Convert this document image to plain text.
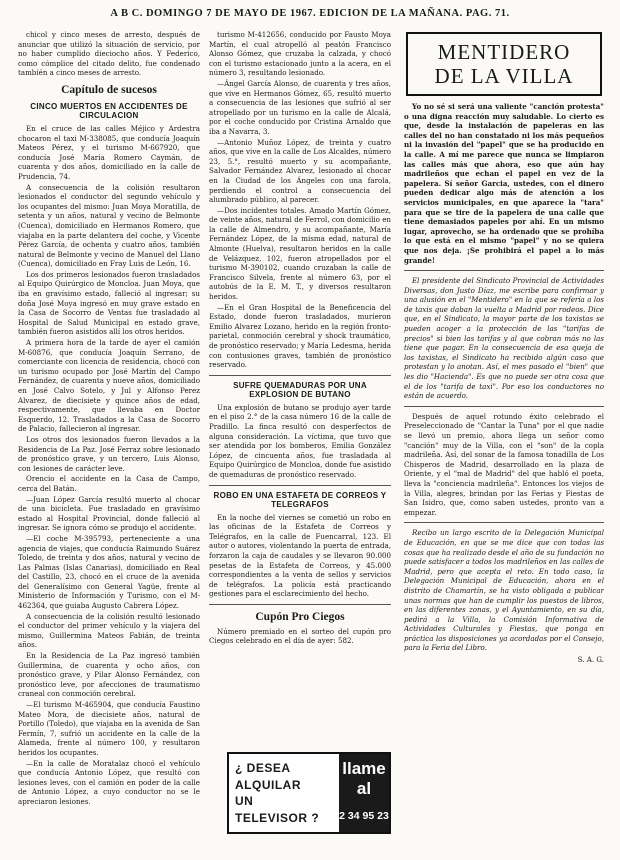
A B C. DOMINGO 7 DE MAYO DE 1967. EDICION DE LA MAÑANA. PAG. 71.

chicol y cinco meses de arresto, después de anunciar que utilizó la situación de servicio, por no haber cumplido dieciocho años. Y Federico, como cómplice del citado delito, fue condenado también a cinco meses de arresto.

Capítulo de sucesos
CINCO MUERTOS EN ACCIDENTES DE CIRCULACION

En el cruce de las calles Méjico y Ardestra chocaron el taxi M-338085, que conducía Joaquín Mateos Pérez, y el turismo M-667920, que conducía José María Romero Caymán, de cuarenta y dos años, domiciliado en la calle de Prudencia, 74.

A consecuencia de la colisión resultaron lesionados el conductor del segundo vehículo y los ocupantes del mismo: Juan Moya Moratilla, de setenta y un años, natural y vecino de Belmonte (Cuenca), domiciliado en Hermanos Romero, que viajaba en la parte delantera del coche, y Vicente Pérez García, de ochenta y cuatro años, también natural de Belmonte y vecino de Manuel del Llano (Cuenca), domiciliado en Fray Luis de León, 16.

Los dos primeros lesionados fueron trasladados al Equipo Quirúrgico de Moncloa. Juan Moya, que iba en gravísimo estado, falleció al ingresar; su doña José Moya ingresó en muy grave estado en la Casa de Socorro de Ventas fue trasladado al Hospital de Salud Municipal en estado grave, también fueron asistidos allí los otros heridos.

A primera hora de la tarde de ayer el camión M-60876, que conducía Joaquín Serrano, de comerciante con licencia de residencia, chocó con un turismo ocupado por José Martín del Campo Fernández, de cuarenta y nueve años, domiciliado en José Calvo Sotelo, y Jul y Alfonso Perez Alvarez, de diecisiete y quince años de edad, respectivamente, que llevaba en Doctor Esquerdo, 12. Trasladados a la Casa de Socorro de Palacio, fallecieron al ingresar.

Los otros dos lesionados fueron llevados a la Residencia de La Paz. José Ferraz sobre lesionado de pronóstico grave, y un tercero, Luis Alonso, con lesiones de carácter leve.

Orencio el accidente en la Casa de Campo, cerca del Batán.

—Juan López García resultó muerto al chocar de una bicicleta. Fue trasladado en gravísimo estado al Hospital Provincial, donde falleció al ingresar. Se ignora cómo se produjo el accidente.

—El coche M-395793, perteneciente a una agencia de viajes, que conducía Raimundo Suárez Toledo, de treinta y dos años, natural y vecino de Las Palmas (Islas Canarias), domiciliado en Real del Castillo, 23, chocó en el cruce de la avenida del Generalísimo con General Yagüe, frente al Ministerio de Información y Turismo, con el M-462364, que guiaba Augusto Cabrera López.

A consecuencia de la colisión resultó lesionado el conductor del primer vehículo y la viajera del mismo, Guillermina Mateos Fabián, de treinta años.

En la Residencia de La Paz ingresó también Guillermina, de cuarenta y ocho años, con pronóstico grave, y Pilar Alonso Fernández, con pronóstico leve, por afecciones de traumatismo craneal con conmoción cerebral.

—El turismo M-465904, que conducía Faustino Mateo Mora, de diecisiete años, natural de Portillo (Toledo), que viajaba en la avenida de San Fermín, 7, sufrió un accidente en la calle de la Alameda, frente al número 100, y resultaron heridos los ocupantes.

—En la calle de Moratalaz chocó el vehículo que conducía Antonio López, que resultó con lesiones leves, con el camión en poder de la calle de Antonio López, a cuyo conductor no se le apreciaron lesiones.

turismo M-412656, conducido por Fausto Moya Martín, el cual atropelló al peatón Francisco Alonso Gómez, que cruzaba la calzada, y chocó con el turismo estacionado junto a la acera, en el número 3, resultando lesionado.

—Ángel García Alonso, de cuarenta y tres años, que vive en Hermanos Gómez, 65, resultó muerto a consecuencia de las lesiones que sufrió al ser atropellado por un turismo en la calle de Alcalá, por el coche conducido por Cristina Arnaldo que iba a Navarra, 3.

—Antonio Muñoz López, de treinta y cuatro años, que vive en la calle de Los Alcaldes, número 23, 5.°, resultó muerto y su acompañante, Salvador Fernández Alvarez, lesionado al chocar en la Ciudad de los Ángeles con una farola, perdiendo el control a consecuencia del alumbrado público, al parecer.

—Dos incidentes totales. Amado Martín Gómez, de veinte años, natural de Ferrol, con domicilio en la calle de Almendro, y su acompañante, María Fernández López, de la misma edad, natural de Almonte (Huelva), resultaron heridos en la calle de Velázquez, 102, fueron atropellados por el turismo M-390102, cuando cruzaban la calle de Francisco Silvela, frente al número 63, por el autobús de la E. M. T., y diversos resultaron heridos.

—En el Gran Hospital de la Beneficencia del Estado, donde fueron trasladados, murieron Emilio Alvarez Lozano, herido en la región fronto-parietal, conmoción cerebral y shock traumático, de pronóstico reservado; y María Ledesma, herida con contusiones graves, también de pronóstico reservado.

SUFRE QUEMADURAS POR UNA EXPLOSION DE BUTANO

Una explosión de butano se produjo ayer tarde en el piso 2.° de la casa número 16 de la calle de Pradillo. La finca resultó con desperfectos de alguna consideración. La víctima, que tuvo que ser atendida por los bomberos, Emilia González López, de cincuenta años, fue trasladada al Equipo Quirúrgico de Moncloa, donde fue asistido de quemaduras de pronóstico reservado.

ROBO EN UNA ESTAFETA DE CORREOS Y TELEGRAFOS

En la noche del viernes se cometió un robo en las oficinas de la Estafeta de Correos y Telégrafos, en la calle de Fuencarral, 123. El autor o autores, violentando la puerta de entrada, forzaron la caja de caudales y se llevaron 90.000 pesetas de la Estafeta de Correos, y 45.000 correspondientes a la venta de sellos y servicios de telégrafos. La policía está practicando gestiones para el esclarecimiento del hecho.

Cupón Pro Ciegos

Número premiado en el sorteo del cupón pro Ciegos celebrado en el día de ayer: 582.

¿ DESEA
ALQUILAR
UN
TELEVISOR ?
llame
al
2 34 95 23
MENTIDERO
DE LA VILLA

Yo no sé si será una valiente "canción protesta" o una digna reacción muy saludable. Lo cierto es que, desde la instalación de papeleras en las calles del no han constatado ni los más pequeños ni la invasión del "papel" que se ha producido en la calle. A mí me parece que nunca se limpiaron las calles más que ahora, eso que aún hay madrileños que echan el papel en vez de la papelera. Sí señor Garcia, ustedes, con el dinero pueden dedicar algo más de atención a los servicios municipales, en que aparece la "tara" para que se tire de la papelera de una calle que tiene demasiados papeles por ahí. En un mismo lugar, aprovecho, se ha ordenado que se prohíba lo que está en el mismo "papel" y no se quiera que nos deja. ¡Se prohibirá el papel a lo más grande!

El presidente del Sindicato Provincial de Actividades Diversas, don Justo Díaz, me escribe para confirmar y una alusión en el "Mentidero" en la que se refería a los de taxis que daban la vuelta a Madrid por rodeos. Dice que, en el Sindicato, la mayor parte de los taxistas se pueden acoger a la protección de las "tarifas de precios" si bien las tarifas y al que cobran más no las tiene que pagar. En la consecuencia de esa queja de los taxistas, el Sindicato ha recibido algún caso que protestan y lo anotan. Así, el mes pasado el "bien" que les dio "Hacienda". Es que no puede ser otra cosa que el de los "tarifa de taxi". Por eso los conductores no están de acuerdo.

Después de aquel rotundo éxito celebrado el Preseleccionado de "Cantar la Tuna" por el que nadie se llevó un premio, ahora llega un señor como "canción" muy de la Villa, con el "son" de la copla madrileña. Así, del sonar de la famosa tonadilla de Los Chisperos de Madrid, desarrollado en la plaza de Oriente, y el "mal de Madrid" del que habló el poeta, lleva la "conciencia madrileña". Entonces los viejos de la Villa, alegres, brindan por las Ferias y Fiestas de San Isidro, que, como saben ustedes, pronto van a empezar.

Recibo un largo escrito de la Delegación Municipal de Educación, en que se me dice que con todas las cosas que ha realizado desde el año de su fundación no puede satisfacer a todos los madrileños en las calles de Madrid, pero que acepta el reto. En todo caso, la Delegación Municipal de Educación, ahora en el distrito de Chamartín, se ha visto obligada a publicar unas normas que han de cumplir los puestos de libros, en las diferentes zonas, y el Ayuntamiento, en su día, pedirá a la Villa, la Comisión Informativa de Actividades Culturales y Fiestas, que ponga en práctica las disposiciones ya acordadas por el Consejo, para la Feria del Libro.

S. A. G.
